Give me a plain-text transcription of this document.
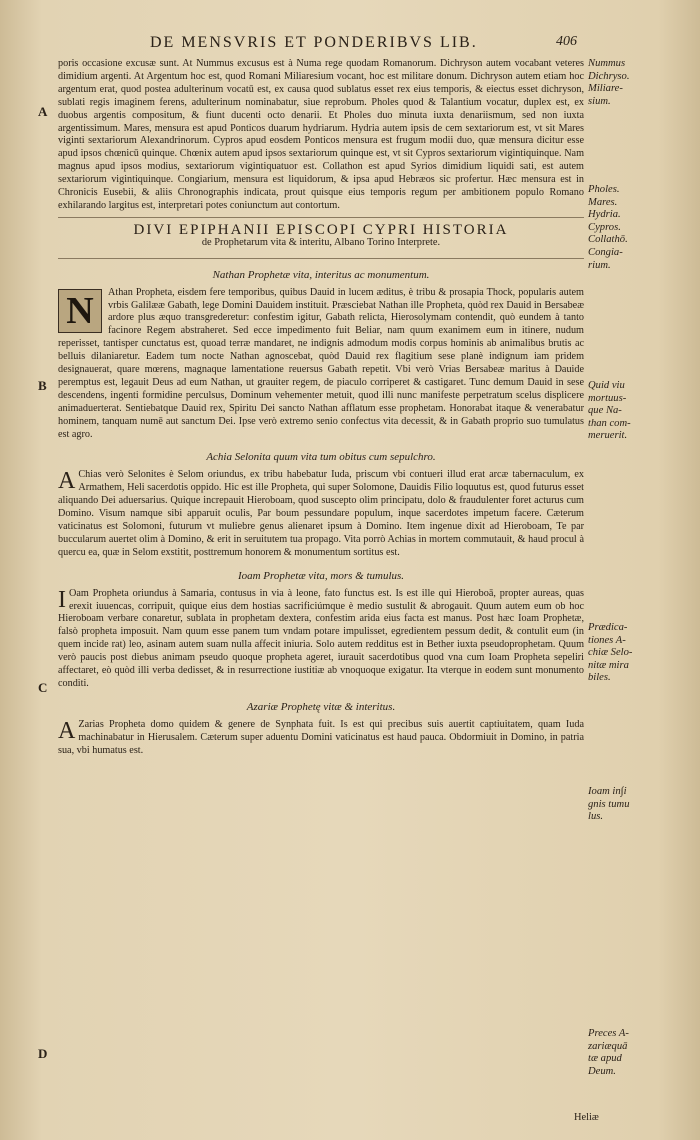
DE MENSVRIS ET PONDERIBVS LIB.	406
Nummus
Dichryso.
Miliare-
sium.
Pholes.
Mares.
Hydria.
Cypros.
Collathō.
Congia-
rium.
Quid viu
mortuus-
que Na-
than com-
meruerit.
Prædica-
tiones A-
chiæ Selo-
nitæ mira
biles.
Ioam in∫i
gnis tumu
lus.
Preces A-
zariæquā
tæ apud
Deum.
A
B
C
D

poris occasione excusæ sunt. At Nummus excusus est à Numa rege quodam Romanorum. Dichryson autem vocabant veteres dimidium argenti. At Argentum hoc est, quod Romani Miliaresium vocant, hoc est militare donum. Dichryson autem etiam hoc argentum erat, quod postea adulterinum vocatū est, ex causa quod sublatus esset rex eius temporis, & eiectus esset dichryson, sublati regis imaginem ferens, adulterinum nominabatur, siue reprobum. Pholes quod & Talantium vocatur, duplex est, ex duobus argentis compositum, & fiunt ducenti octo denarii. Et Pholes duo minuta iuxta denariismum, sed non iuxta argentissimum. Mares, mensura est apud Ponticos duarum hydriarum. Hydria autem ipsis de cem sextariorum est, vt sit Mares viginti sextariorum Alexandrinorum. Cypros apud eosdem Ponticos mensura est frugum modii duo, quæ mensura dicitur esse apud ipsos chœnicū quinque. Chœnix autem apud ipsos sextariorum quinque est, vt sit Cypros sextariorum vigintiquinque. Nam magnus apud ipsos modius, sextariorum vigintiquatuor est. Collathon est apud Syrios dimidium liquidi sati, est autem sextariorum vigintiquinque. Congiarium, mensura est liquidorum, & ipsa apud Hebræos sic profertur. Hæc mensura est in Chronicis Eusebii, & aliis Chronographis indicata, prout quisque eius temporis regum per ambitionem populo Romano exhilarando largitus est, interpretari potes coniunctum aut contortum.

DIVI EPIPHANII EPISCOPI CYPRI HISTORIA
de Prophetarum vita & interitu, Albano Torino Interprete.
Nathan Prophetæ vita, interitus ac monumentum.

N	Athan Propheta, eisdem fere temporibus, quibus Dauid in lucem æditus, è tribu & prosapia Thock, popularis autem vrbis Galilææ Gabath, lege Domini Dauidem instituit. Præsciebat Nathan ille Propheta, quòd rex Dauid in Bersabeæ ardore plus æquo transgrederetur: confestim igitur, Gabath relicta, Hierosolymam contendit, quò eundem à tanto facinore Regem abstraheret. Sed ecce impedimento fuit Beliar, nam quum exanimem eum in itinere, nudum reperisset, tantisper cunctatus est, quoad terræ mandaret, ne indignis admodum modis corpus hominis ab animalibus brutis ac belluis dilaniaretur. Eadem tum nocte Nathan agnoscebat, quòd Dauid rex flagitium sese planè indignum iam pridem designauerat, quare mœrens, magnaque lamentatione reuersus Gabath repetit. Vbi verò Vrias Bersabeæ maritus à Dauide peremptus est, legauit Deus ad eum Nathan, ut grauiter regem, de piaculo corriperet & castigaret. Tunc demum Dauid in sese descendens, ingenti formidine perculsus, Dominum vehementer metuit, quod illi nunc manifeste perpetratum scelus displicere animaduerterat. Sentiebatque Dauid rex, Spiritu Dei sancto Nathan afflatum esse prophetam. Honorabat itaque & venerabatur hominem, tanquam numē aut sanctum Dei. Ipse verò extremo senio confectus vita decessit, & in Gabath proprio suo tumulatus est agro.

Achia Selonita quum vita tum obitus cum sepulchro.

A Chias verò Selonites è Selom oriundus, ex tribu habebatur Iuda, priscum vbi contueri illud erat arcæ tabernaculum, ex Armathem, Heli sacerdotis oppido. Hic est ille Propheta, qui super Solomone, Dauidis Filio loquutus est, quod futurus esset aliquando Dei aduersarius. Quique increpauit Hieroboam, quod suscepto olim principatu, dolo & fraudulenter foret acturus cum Domino. Visum namque sibi apparuit oculis, Par boum pessundare populum, inque sacerdotes impetum facere. Cæterum vaticinatus est Solomoni, futurum vt muliebre genus alienaret ipsum à Domino. Item ingenue dixit ad Hieroboam, Te par buccularum auertet olim à Domino, & erit in seruitutem tua propago. Vita porrò Achias in mortem commutauit, & haud procul à quercu ea, quæ in Selom exstitit, posttremum honorem & monumentum sortitus est.

Ioam Prophetæ vita, mors & tumulus.

I Oam Propheta oriundus à Samaria, contusus in via à leone, fato functus est. Is est ille qui Hieroboā, propter aureas, quas erexit iuuencas, corripuit, quique eius dem hostias sacrificiúmque è medio sustulit & abrogauit. Quum autem eum ob hoc Hieroboam verbare conaretur, sublata in prophetam dextera, confestim arida eius facta est manus. Post hæc Ioam Prophetæ, falsò propheta imposuit. Nam quum esse panem tum vndam potare impulisset, egredientem pessum dedit, & contulit eum (in quem incide rat) leo, asinam autem suam nulla affecit iniuria. Solo autem redditus est in Bether iuxta pseudoprophetam. Quum verò paucis post diebus animam pseudo quoque propheta ageret, iurauit sacerdotibus quod vna cum Ioam Propheta sepeliri affectaret, eò quòd illi verba dedisset, & in resurrectione iustitiæ ab vnoquoque exigatur. Ita vterque in eodem sunt monumento conditi.

Azariæ Prophetę vitæ & interitus.

A Zarias Propheta domo quidem & genere de Synphata fuit. Is est qui precibus suis auertit captiuitatem, quam Iuda machinabatur in Hierusalem. Cæterum super aduentu Domini vaticinatus est haud pauca. Obdormiuit in Domino, in patria sua, vbi humatus est.

Heliæ
